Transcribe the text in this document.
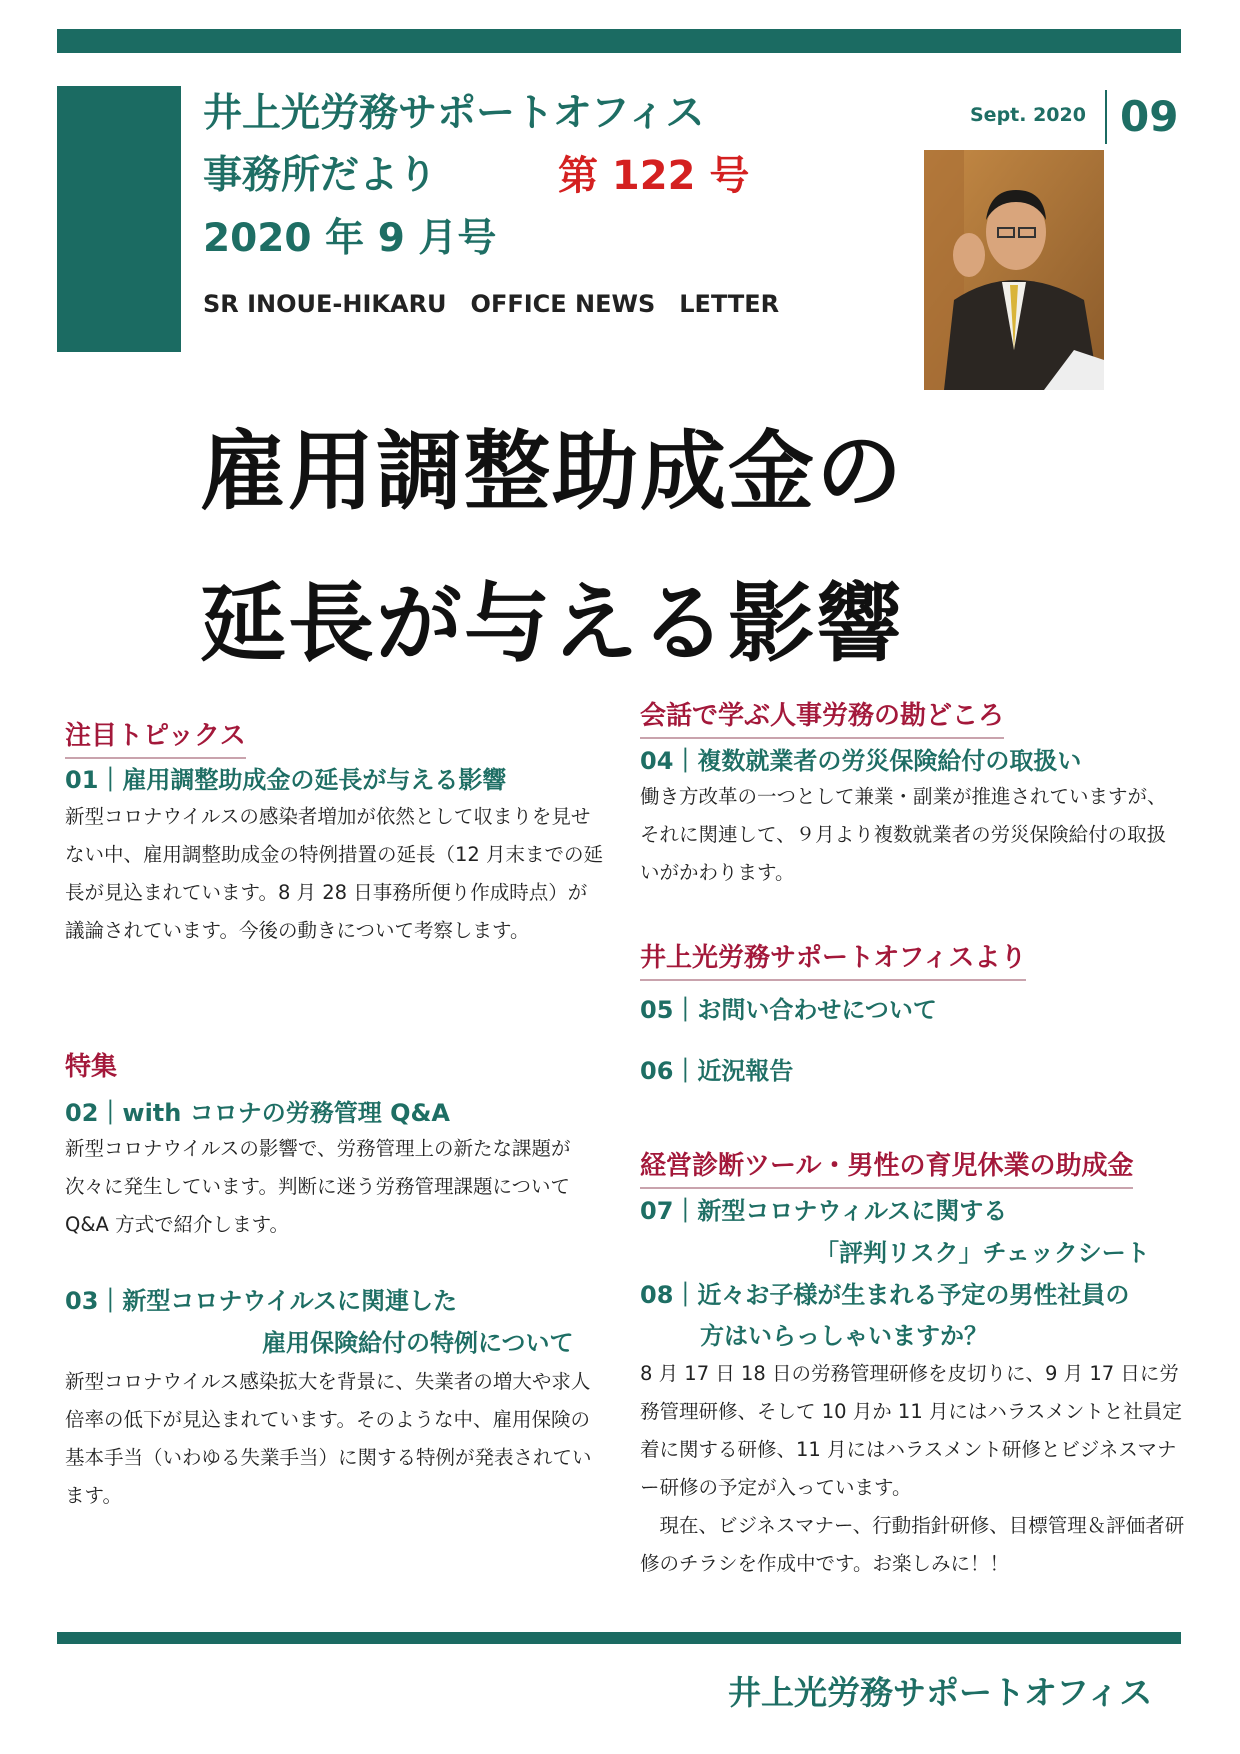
井上光労務サポートオフィス
事務所だより	第 122 号
2020 年 9 月号
SR INOUE-HIKARU　OFFICE NEWS　LETTER
Sept. 2020 09
雇用調整助成金の
延長が与える影響
注目トピックス
01｜雇用調整助成金の延長が与える影響
新型コロナウイルスの感染者増加が依然として収まりを見せない中、雇用調整助成金の特例措置の延長（12 月末までの延長が見込まれています。8 月 28 日事務所便り作成時点）が議論されています。今後の動きについて考察します。
特集
02｜with コロナの労務管理 Q&A
新型コロナウイルスの影響で、労務管理上の新たな課題が次々に発生しています。判断に迷う労務管理課題について Q&A 方式で紹介します。
03｜新型コロナウイルスに関連した
雇用保険給付の特例について
新型コロナウイルス感染拡大を背景に、失業者の増大や求人倍率の低下が見込まれています。そのような中、雇用保険の基本手当（いわゆる失業手当）に関する特例が発表されています。
会話で学ぶ人事労務の勘どころ
04｜複数就業者の労災保険給付の取扱い
働き方改革の一つとして兼業・副業が推進されていますが、それに関連して、９月より複数就業者の労災保険給付の取扱いがかわります。
井上光労務サポートオフィスより
05｜お問い合わせについて
06｜近況報告
経営診断ツール・男性の育児休業の助成金
07｜新型コロナウィルスに関する
「評判リスク」チェックシート
08｜近々お子様が生まれる予定の男性社員の
方はいらっしゃいますか？
8 月 17 日 18 日の労務管理研修を皮切りに、9 月 17 日に労務管理研修、そして 10 月か 11 月にはハラスメントと社員定着に関する研修、11 月にはハラスメント研修とビジネスマナー研修の予定が入っています。
　現在、ビジネスマナー、行動指針研修、目標管理＆評価者研修のチラシを作成中です。お楽しみに！！
井上光労務サポートオフィス
